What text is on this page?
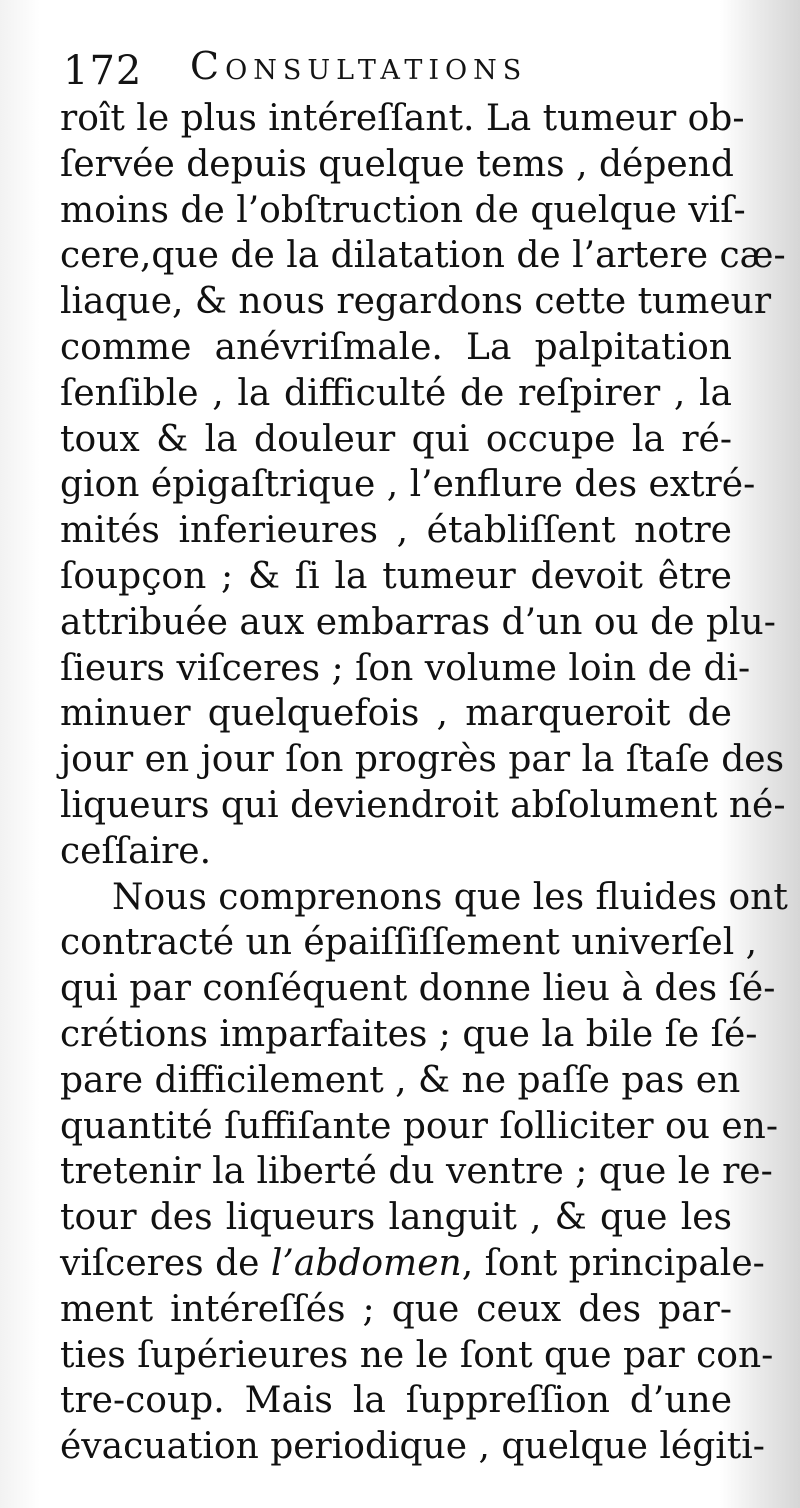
172 Consultations
roît le plus intéreſſant. La tumeur ob-
ſervée depuis quelque tems , dépend
moins de l’obſtruction de quelque viſ-
cere,que de la dilatation de l’artere cæ-
liaque, & nous regardons cette tumeur
comme anévriſmale. La palpitation
ſenſible , la difficulté de reſpirer , la
toux & la douleur qui occupe la ré-
gion épigaſtrique , l’enflure des extré-
mités inferieures , établiſſent notre
ſoupçon ; & ſi la tumeur devoit être
attribuée aux embarras d’un ou de plu-
ſieurs viſceres ; ſon volume loin de di-
minuer quelquefois , marqueroit de
jour en jour ſon progrès par la ſtaſe des
liqueurs qui deviendroit abſolument né-
ceſſaire.
Nous comprenons que les fluides ont
contracté un épaiſſiſſement univerſel ,
qui par conſéquent donne lieu à des ſé-
crétions imparfaites ; que la bile ſe ſé-
pare difficilement , & ne paſſe pas en
quantité ſuffiſante pour ſolliciter ou en-
tretenir la liberté du ventre ; que le re-
tour des liqueurs languit , & que les
viſceres de l’abdomen, ſont principale-
ment intéreſſés ; que ceux des par-
ties ſupérieures ne le ſont que par con-
tre-coup. Mais la ſuppreſſion d’une
évacuation periodique , quelque légiti-
